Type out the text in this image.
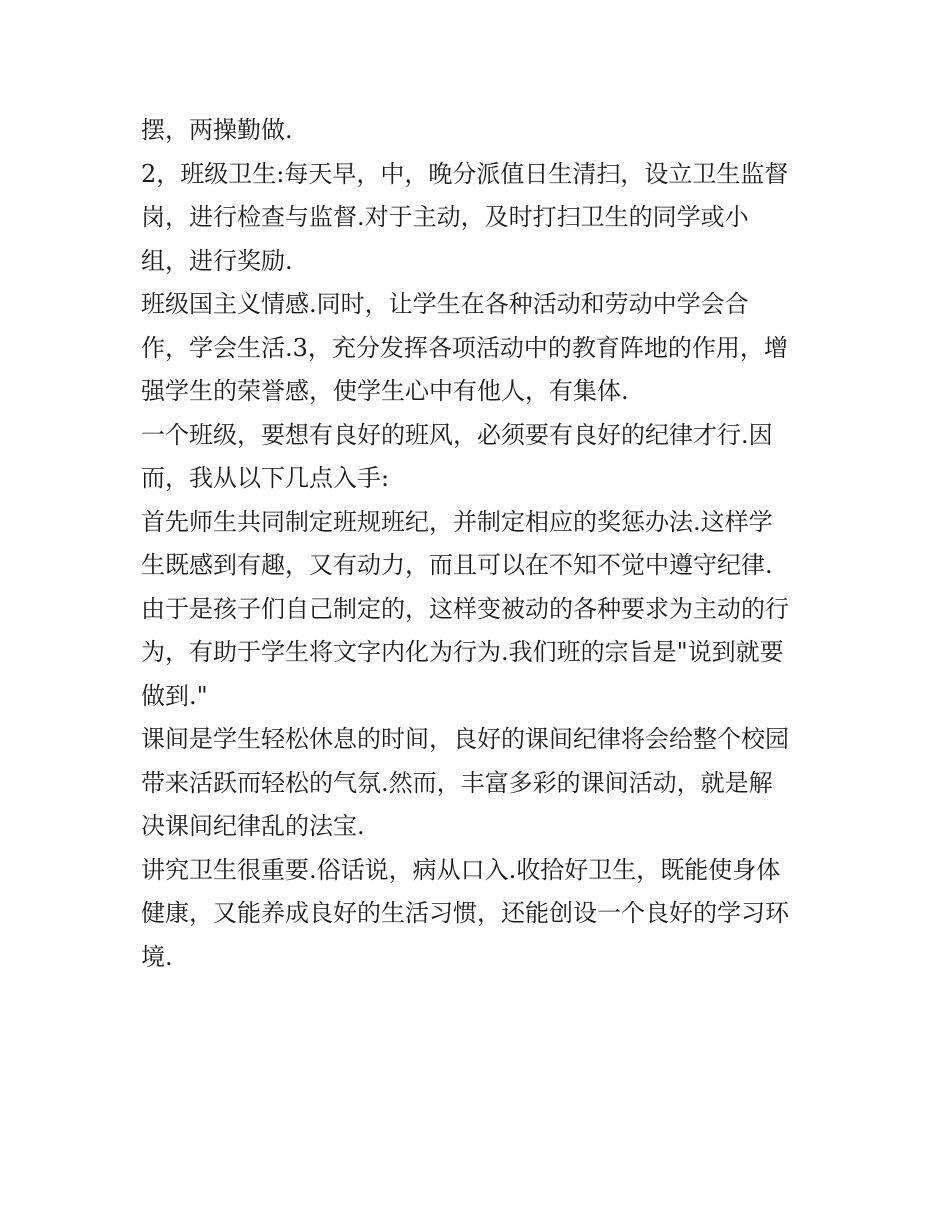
摆，两操勤做.
2，班级卫生:每天早，中，晚分派值日生清扫，设立卫生监督
岗，进行检查与监督.对于主动，及时打扫卫生的同学或小
组，进行奖励.
班级国主义情感.同时，让学生在各种活动和劳动中学会合
作，学会生活.3，充分发挥各项活动中的教育阵地的作用，增
强学生的荣誉感，使学生心中有他人，有集体.
一个班级，要想有良好的班风，必须要有良好的纪律才行.因
而，我从以下几点入手:
首先师生共同制定班规班纪，并制定相应的奖惩办法.这样学
生既感到有趣，又有动力，而且可以在不知不觉中遵守纪律.
由于是孩子们自己制定的，这样变被动的各种要求为主动的行
为，有助于学生将文字内化为行为.我们班的宗旨是"说到就要
做到."
课间是学生轻松休息的时间，良好的课间纪律将会给整个校园
带来活跃而轻松的气氛.然而，丰富多彩的课间活动，就是解
决课间纪律乱的法宝.
讲究卫生很重要.俗话说，病从口入.收拾好卫生，既能使身体
健康，又能养成良好的生活习惯，还能创设一个良好的学习环
境.
